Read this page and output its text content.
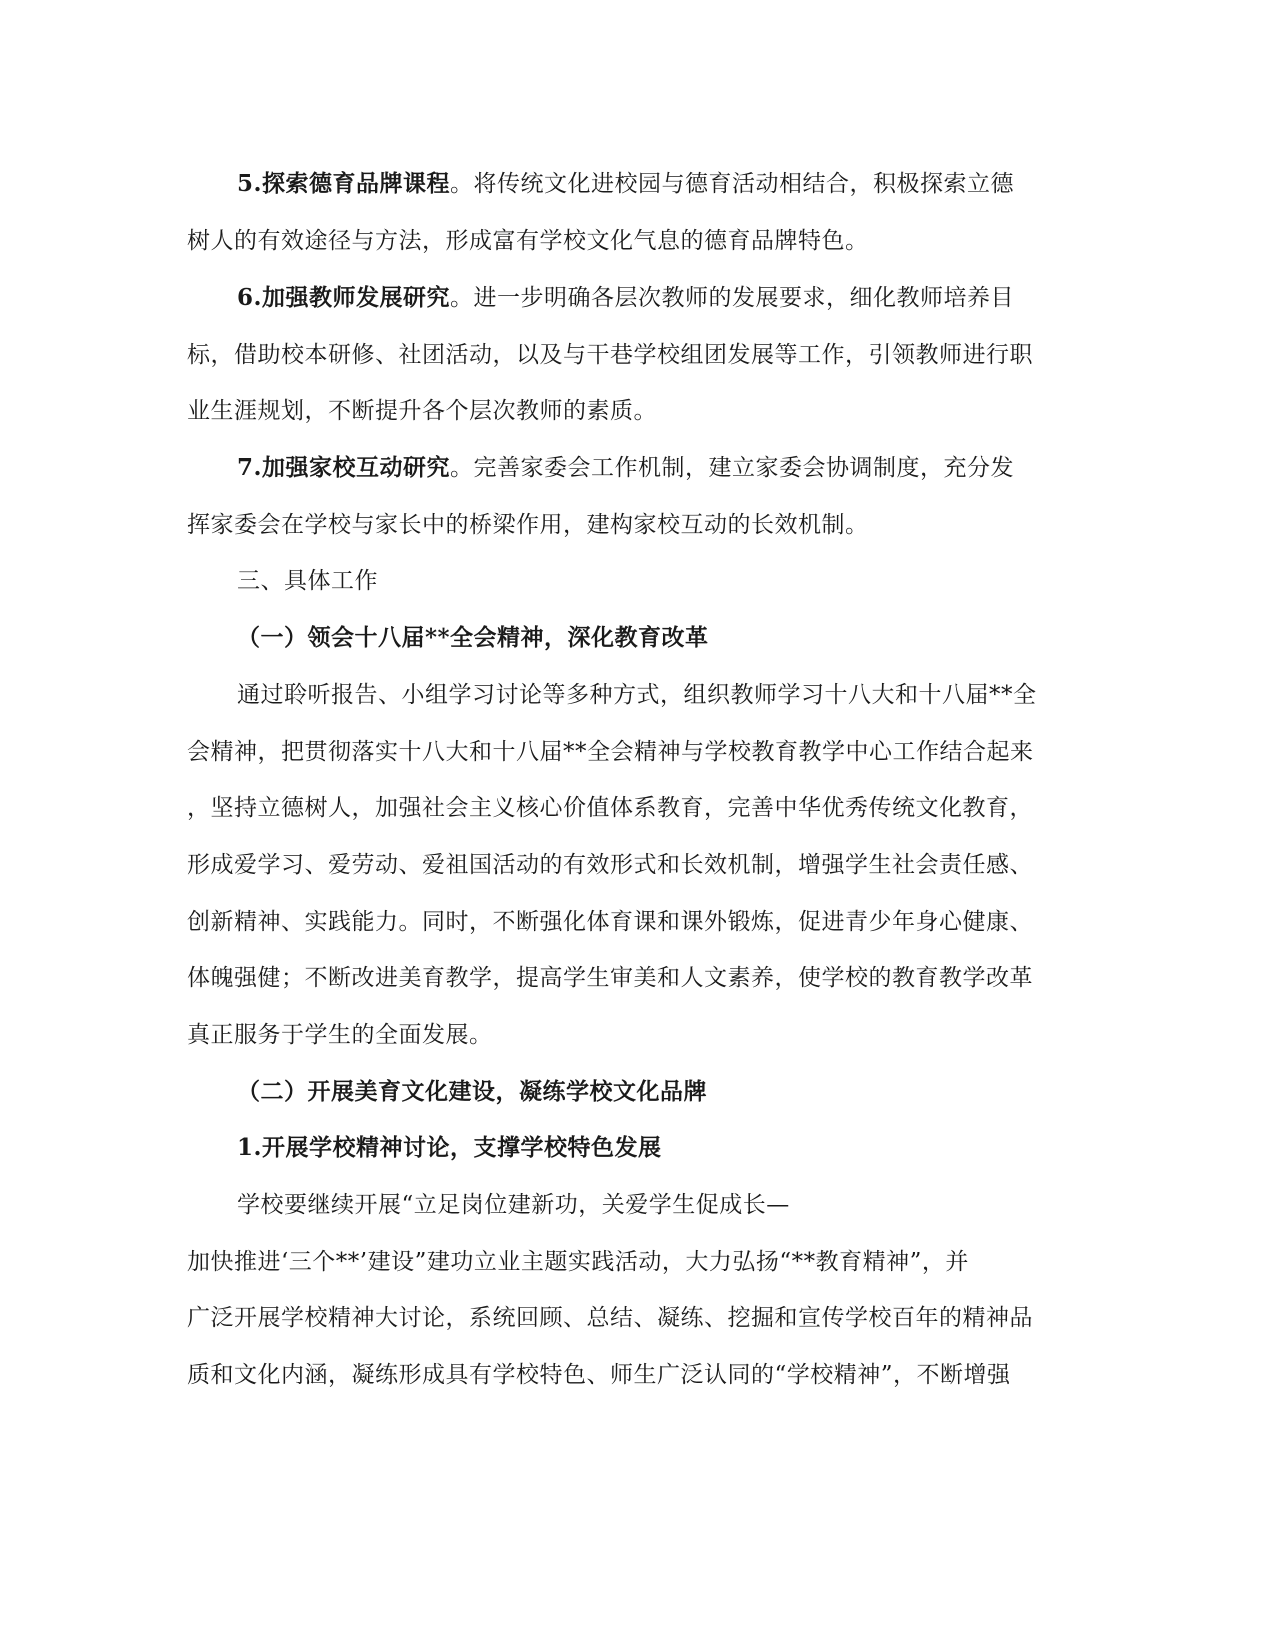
5.探索德育品牌课程。将传统文化进校园与德育活动相结合，积极探索立德
树人的有效途径与方法，形成富有学校文化气息的德育品牌特色。
6.加强教师发展研究。进一步明确各层次教师的发展要求，细化教师培养目
标，借助校本研修、社团活动，以及与干巷学校组团发展等工作，引领教师进行职
业生涯规划，不断提升各个层次教师的素质。
7.加强家校互动研究。完善家委会工作机制，建立家委会协调制度，充分发
挥家委会在学校与家长中的桥梁作用，建构家校互动的长效机制。
三、具体工作
（一）领会十八届**全会精神，深化教育改革
通过聆听报告、小组学习讨论等多种方式，组织教师学习十八大和十八届**全
会精神，把贯彻落实十八大和十八届**全会精神与学校教育教学中心工作结合起来
，坚持立德树人，加强社会主义核心价值体系教育，完善中华优秀传统文化教育，
形成爱学习、爱劳动、爱祖国活动的有效形式和长效机制，增强学生社会责任感、
创新精神、实践能力。同时，不断强化体育课和课外锻炼，促进青少年身心健康、
体魄强健；不断改进美育教学，提高学生审美和人文素养，使学校的教育教学改革
真正服务于学生的全面发展。
（二）开展美育文化建设，凝练学校文化品牌
1.开展学校精神讨论，支撑学校特色发展
学校要继续开展“立足岗位建新功，关爱学生促成长—
加快推进‘三个**’建设”建功立业主题实践活动，大力弘扬“**教育精神”，并
广泛开展学校精神大讨论，系统回顾、总结、凝练、挖掘和宣传学校百年的精神品
质和文化内涵，凝练形成具有学校特色、师生广泛认同的“学校精神”，不断增强
